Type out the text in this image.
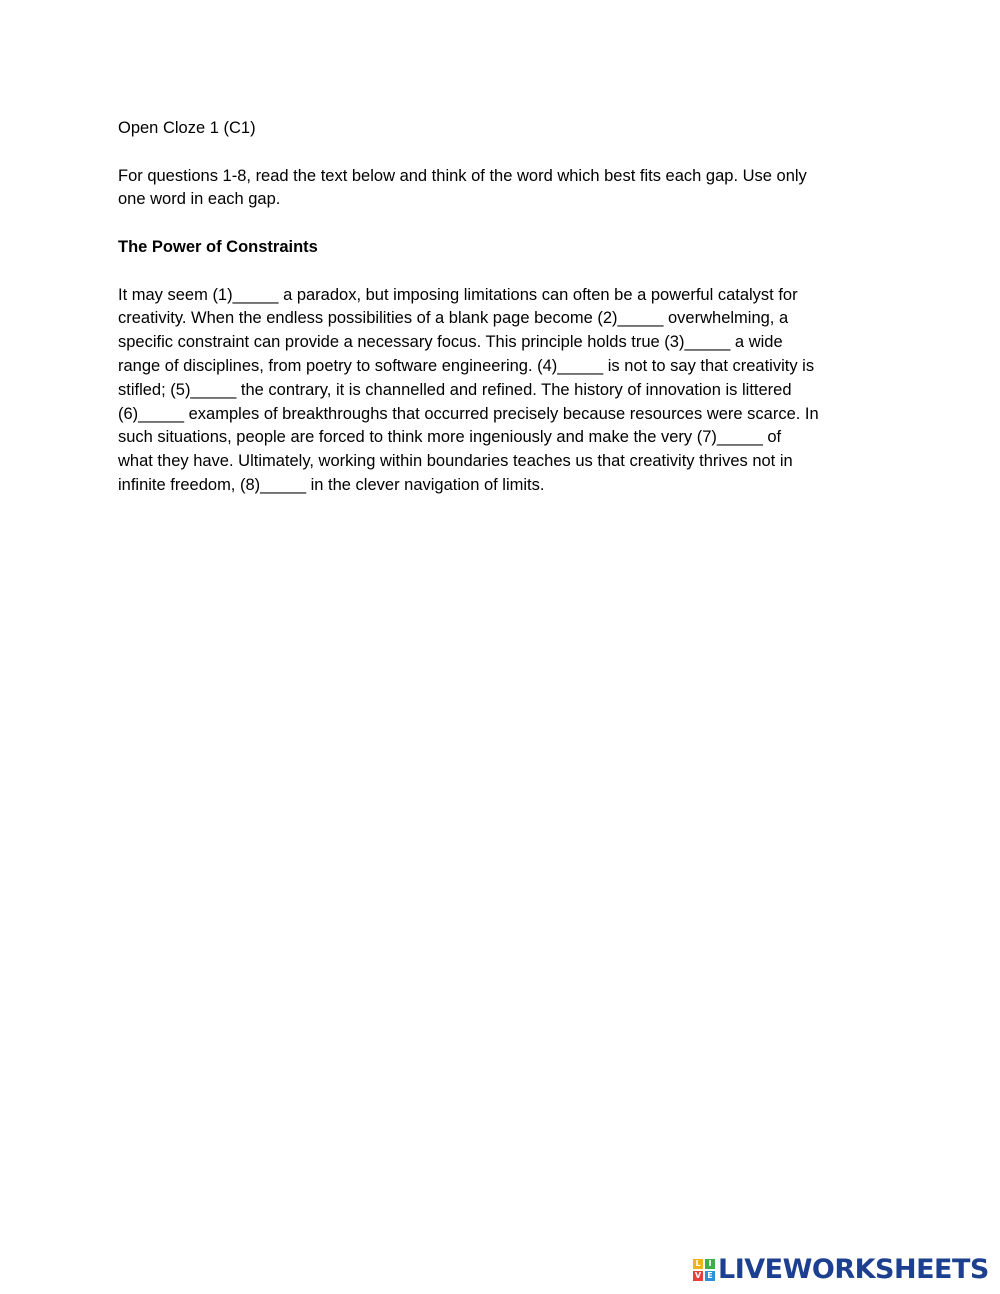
Open Cloze 1 (C1)

For questions 1-8, read the text below and think of the word which best fits each gap. Use only
one word in each gap.

The Power of Constraints

It may seem (1)_____ a paradox, but imposing limitations can often be a powerful catalyst for
creativity. When the endless possibilities of a blank page become (2)_____ overwhelming, a
specific constraint can provide a necessary focus. This principle holds true (3)_____ a wide
range of disciplines, from poetry to software engineering. (4)_____ is not to say that creativity is
stifled; (5)_____ the contrary, it is channelled and refined. The history of innovation is littered
(6)_____ examples of breakthroughs that occurred precisely because resources were scarce. In
such situations, people are forced to think more ingeniously and make the very (7)_____ of
what they have. Ultimately, working within boundaries teaches us that creativity thrives not in
infinite freedom, (8)_____ in the clever navigation of limits.

L I
V E LIVEWORKSHEETS
